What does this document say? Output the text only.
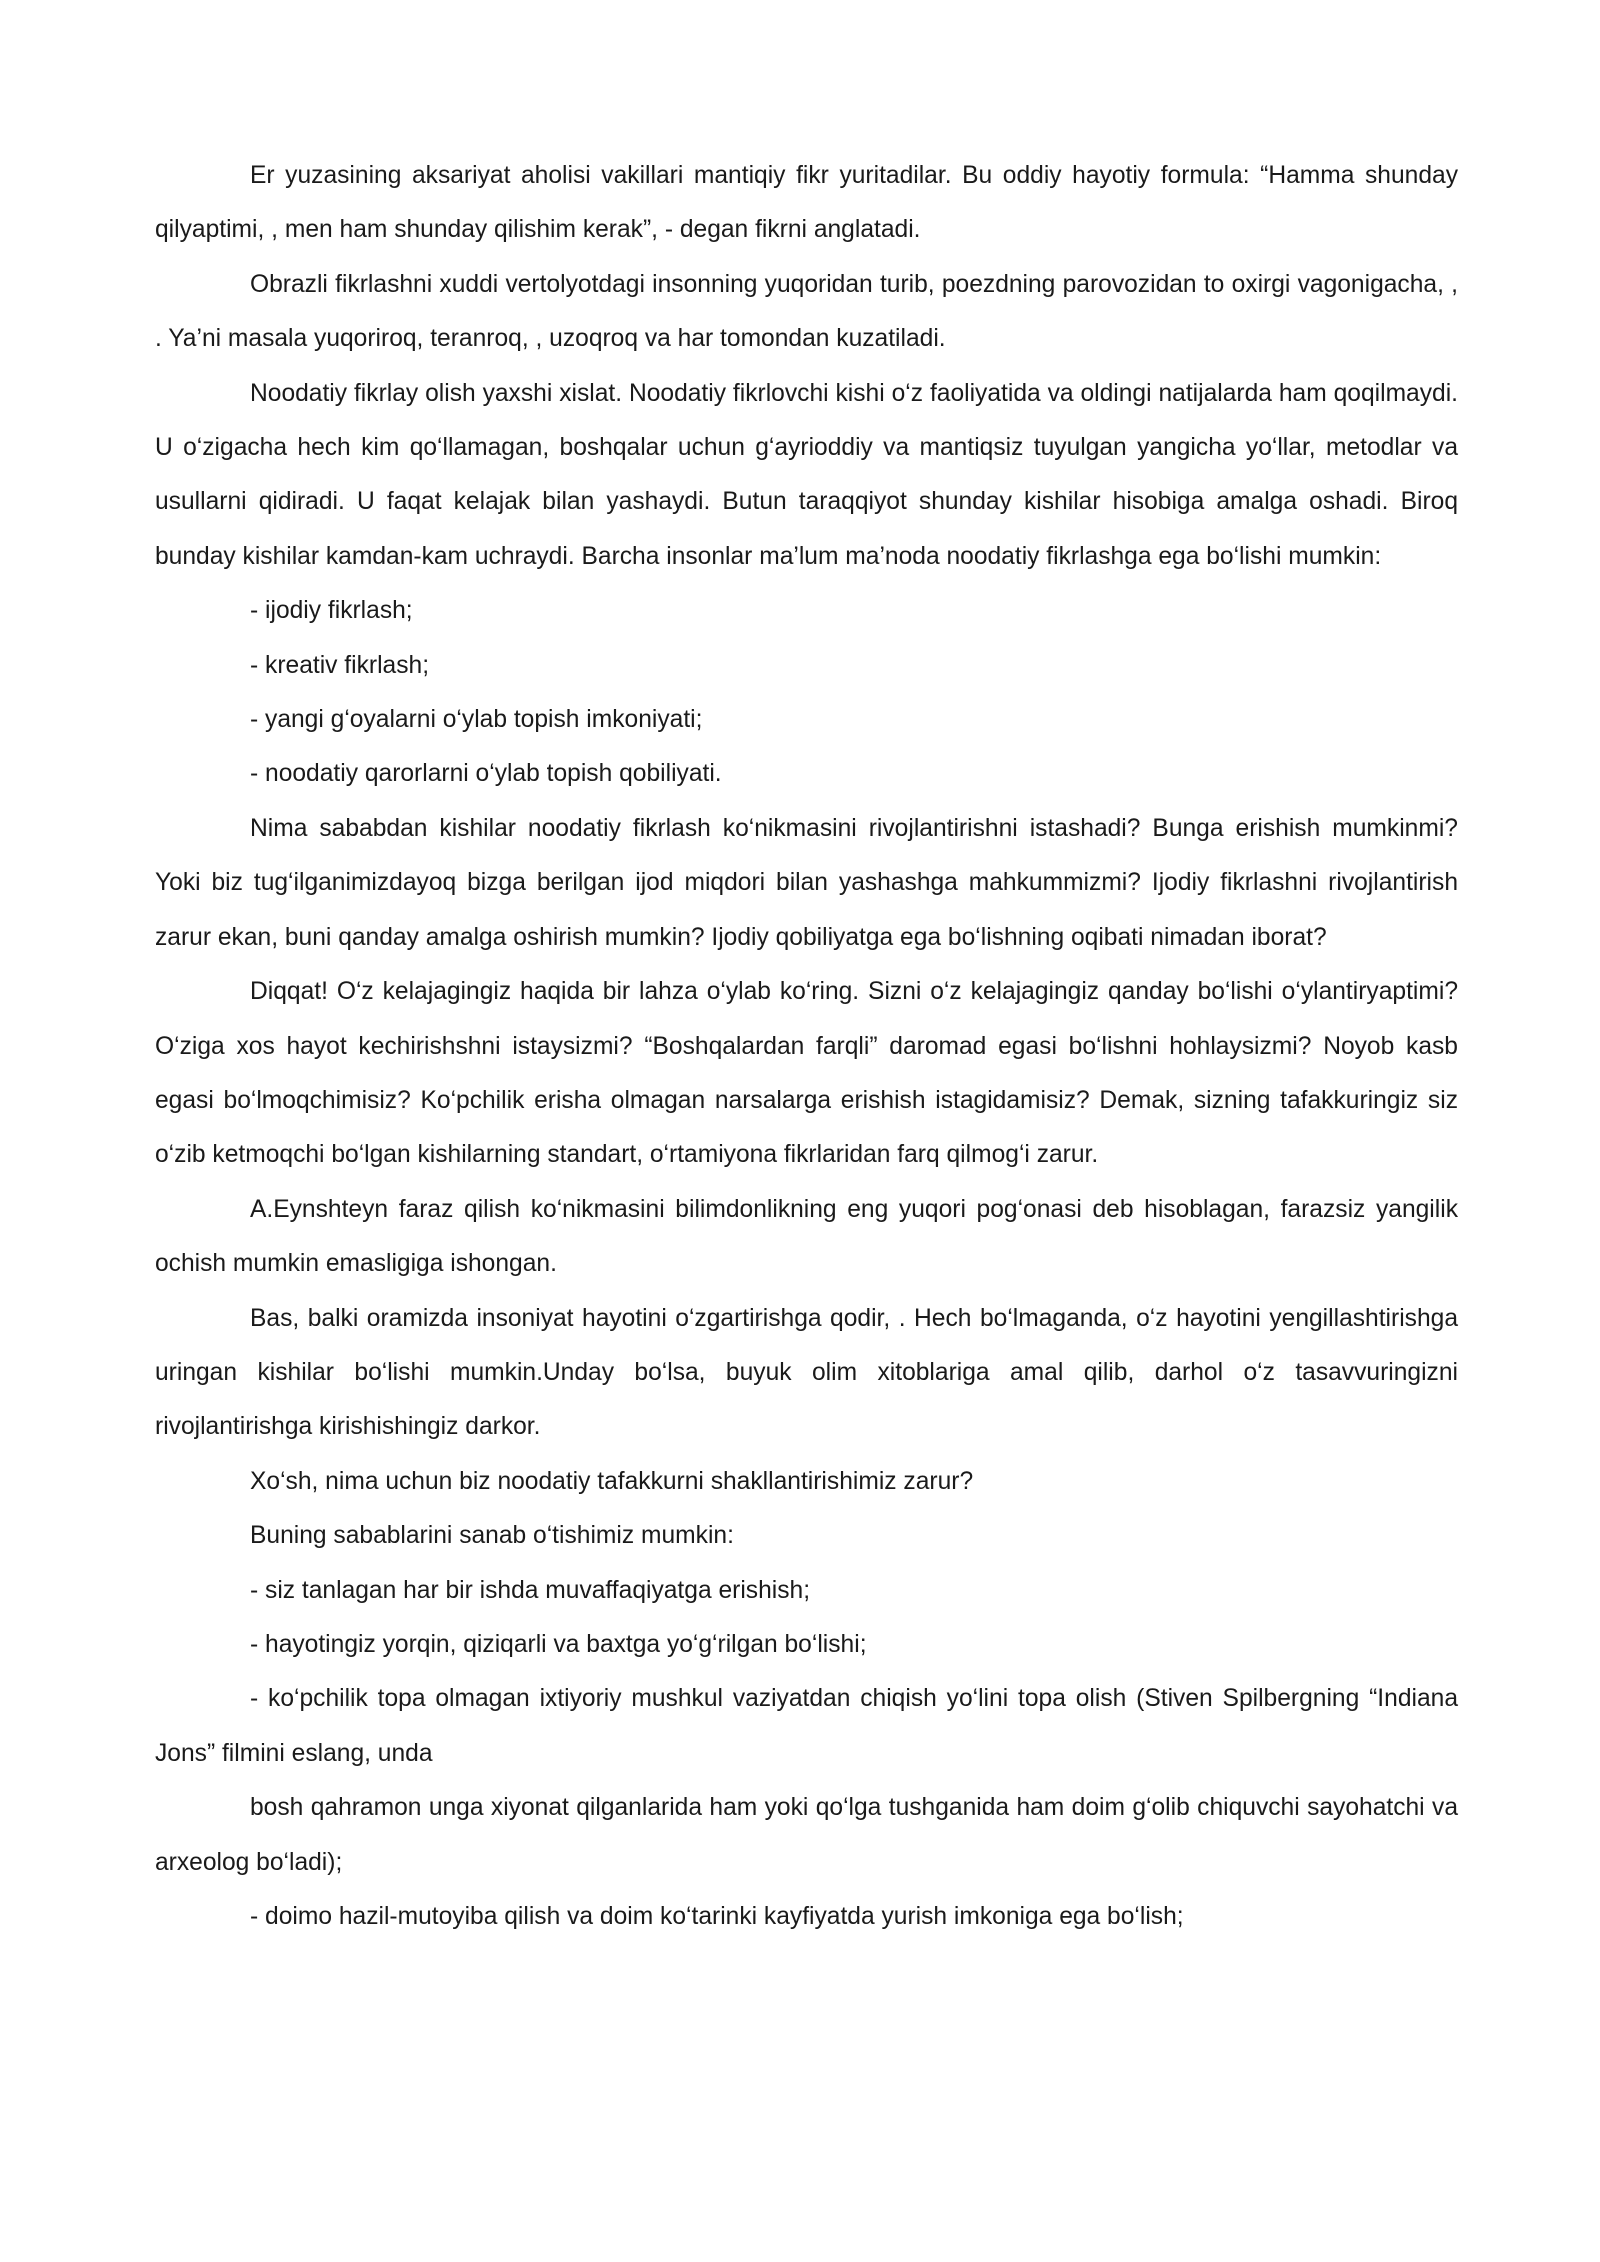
Er yuzasining aksariyat aholisi vakillari mantiqiy fikr yuritadilar. Bu oddiy hayotiy formula: “Hamma shunday qilyaptimi, , men ham shunday qilishim kerak”, - degan fikrni anglatadi.

Obrazli fikrlashni xuddi vertolyotdagi insonning yuqoridan turib, poezdning parovozidan to oxirgi vagonigacha, , . Ya’ni masala yuqoriroq, teranroq, , uzoqroq va har tomondan kuzatiladi.

Noodatiy fikrlay olish yaxshi xislat. Noodatiy fikrlovchi kishi o‘z faoliyatida va oldingi natijalarda ham qoqilmaydi. U o‘zigacha hech kim qo‘llamagan, boshqalar uchun g‘ayrioddiy va mantiqsiz tuyulgan yangicha yo‘llar, metodlar va usullarni qidiradi. U faqat kelajak bilan yashaydi. Butun taraqqiyot shunday kishilar hisobiga amalga oshadi. Biroq bunday kishilar kamdan-kam uchraydi. Barcha insonlar ma’lum ma’noda noodatiy fikrlashga ega bo‘lishi mumkin:

- ijodiy fikrlash;

- kreativ fikrlash;

- yangi g‘oyalarni o‘ylab topish imkoniyati;

- noodatiy qarorlarni o‘ylab topish qobiliyati.

Nima sababdan kishilar noodatiy fikrlash ko‘nikmasini rivojlantirishni istashadi? Bunga erishish mumkinmi? Yoki biz tug‘ilganimizdayoq bizga berilgan ijod miqdori bilan yashashga mahkummizmi? Ijodiy fikrlashni rivojlantirish zarur ekan, buni qanday amalga oshirish mumkin? Ijodiy qobiliyatga ega bo‘lishning oqibati nimadan iborat?

Diqqat! O‘z kelajagingiz haqida bir lahza o‘ylab ko‘ring. Sizni o‘z kelajagingiz qanday bo‘lishi o‘ylantiryaptimi? O‘ziga xos hayot kechirishshni istaysizmi? “Boshqalardan farqli” daromad egasi bo‘lishni hohlaysizmi? Noyob kasb egasi bo‘lmoqchimisiz? Ko‘pchilik erisha olmagan narsalarga erishish istagidamisiz? Demak, sizning tafakkuringiz siz o‘zib ketmoqchi bo‘lgan kishilarning standart, o‘rtamiyona fikrlaridan farq qilmog‘i zarur.

A.Eynshteyn faraz qilish ko‘nikmasini bilimdonlikning eng yuqori pog‘onasi deb hisoblagan, farazsiz yangilik ochish mumkin emasligiga ishongan.

Bas, balki oramizda insoniyat hayotini o‘zgartirishga qodir, . Hech bo‘lmaganda, o‘z hayotini yengillashtirishga uringan kishilar bo‘lishi mumkin.Unday bo‘lsa, buyuk olim xitoblariga amal qilib, darhol o‘z tasavvuringizni rivojlantirishga kirishishingiz darkor.

Xo‘sh, nima uchun biz noodatiy tafakkurni shakllantirishimiz zarur?

Buning sabablarini sanab o‘tishimiz mumkin:

- siz tanlagan har bir ishda muvaffaqiyatga erishish;

- hayotingiz yorqin, qiziqarli va baxtga yo‘g‘rilgan bo‘lishi;

- ko‘pchilik topa olmagan ixtiyoriy mushkul vaziyatdan chiqish yo‘lini topa olish (Stiven Spilbergning “Indiana Jons” filmini eslang, unda

bosh qahramon unga xiyonat qilganlarida ham yoki qo‘lga tushganida ham doim g‘olib chiquvchi sayohatchi va arxeolog bo‘ladi);

- doimo hazil-mutoyiba qilish va doim ko‘tarinki kayfiyatda yurish imkoniga ega bo‘lish;
